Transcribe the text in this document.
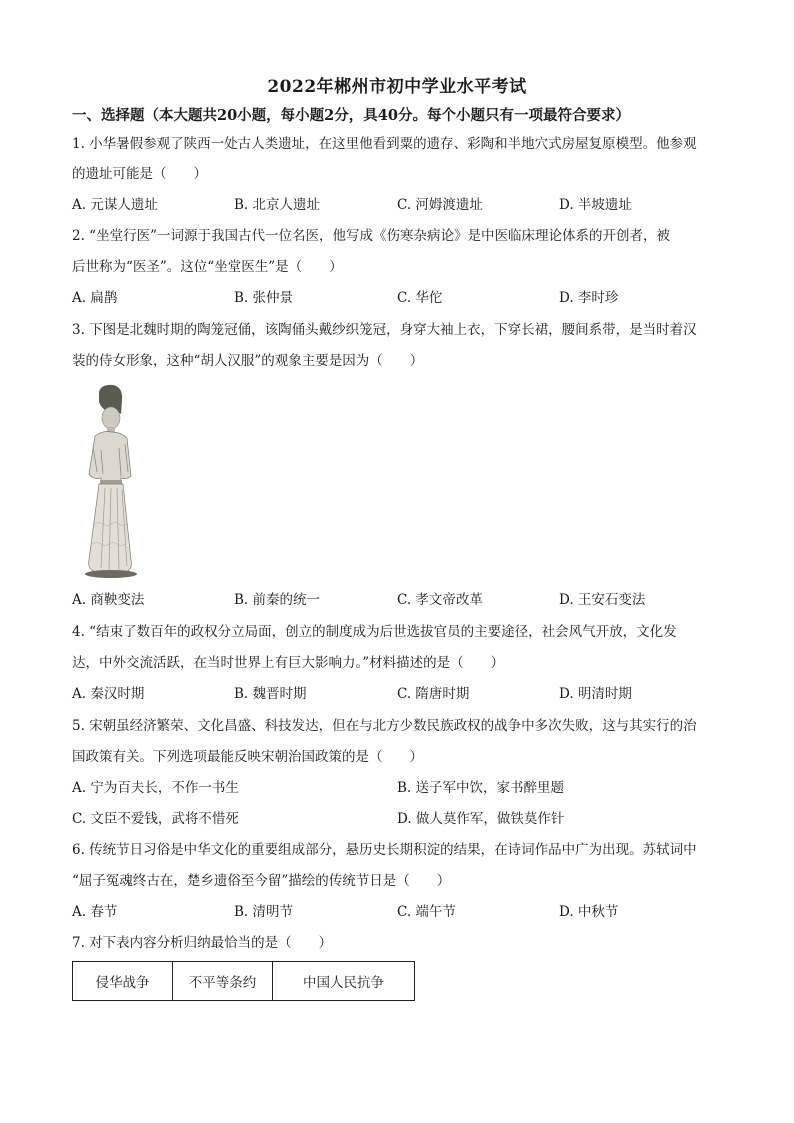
2022年郴州市初中学业水平考试
一、选择题（本大题共20小题，每小题2分，具40分。每个小题只有一项最符合要求）
1. 小华暑假参观了陕西一处古人类遗址，在这里他看到粟的遗存、彩陶和半地穴式房屋复原模型。他参观
的遗址可能是（　　）
A. 元谋人遗址	B. 北京人遗址	C. 河姆渡遗址	D. 半坡遗址
2. “坐堂行医”一词源于我国古代一位名医，他写成《伤寒杂病论》是中医临床理论体系的开创者，被
后世称为“医圣”。这位“坐堂医生”是（　　）
A. 扁鹊	B. 张仲景	C. 华佗	D. 李时珍
3. 下图是北魏时期的陶笼冠俑，该陶俑头戴纱织笼冠，身穿大袖上衣，下穿长裙，腰间系带，是当时着汉
装的侍女形象，这种“胡人汉服”的观象主要是因为（　　）
A. 商鞅变法	B. 前秦的统一	C. 孝文帝改革	D. 王安石变法
4. “结束了数百年的政权分立局面，创立的制度成为后世选拔官员的主要途径，社会风气开放，文化发
达，中外交流活跃，在当时世界上有巨大影响力。”材料描述的是（　　）
A. 秦汉时期	B. 魏晋时期	C. 隋唐时期	D. 明清时期
5. 宋朝虽经济繁荣、文化昌盛、科技发达，但在与北方少数民族政权的战争中多次失败，这与其实行的治
国政策有关。下列选项最能反映宋朝治国政策的是（　　）
A. 宁为百夫长，不作一书生	B. 送子军中饮，家书醉里题
C. 文臣不爱钱，武将不惜死	D. 做人莫作军，做铁莫作针
6. 传统节日习俗是中华文化的重要组成部分，悬历史长期积淀的结果，在诗词作品中广为出现。苏轼词中
“屈子冤魂终古在，楚乡遗俗至今留”描绘的传统节日是（　　）
A. 春节	B. 清明节	C. 端午节	D. 中秋节
7. 对下表内容分析归纳最恰当的是（　　）
侵华战争	不平等条约	中国人民抗争
